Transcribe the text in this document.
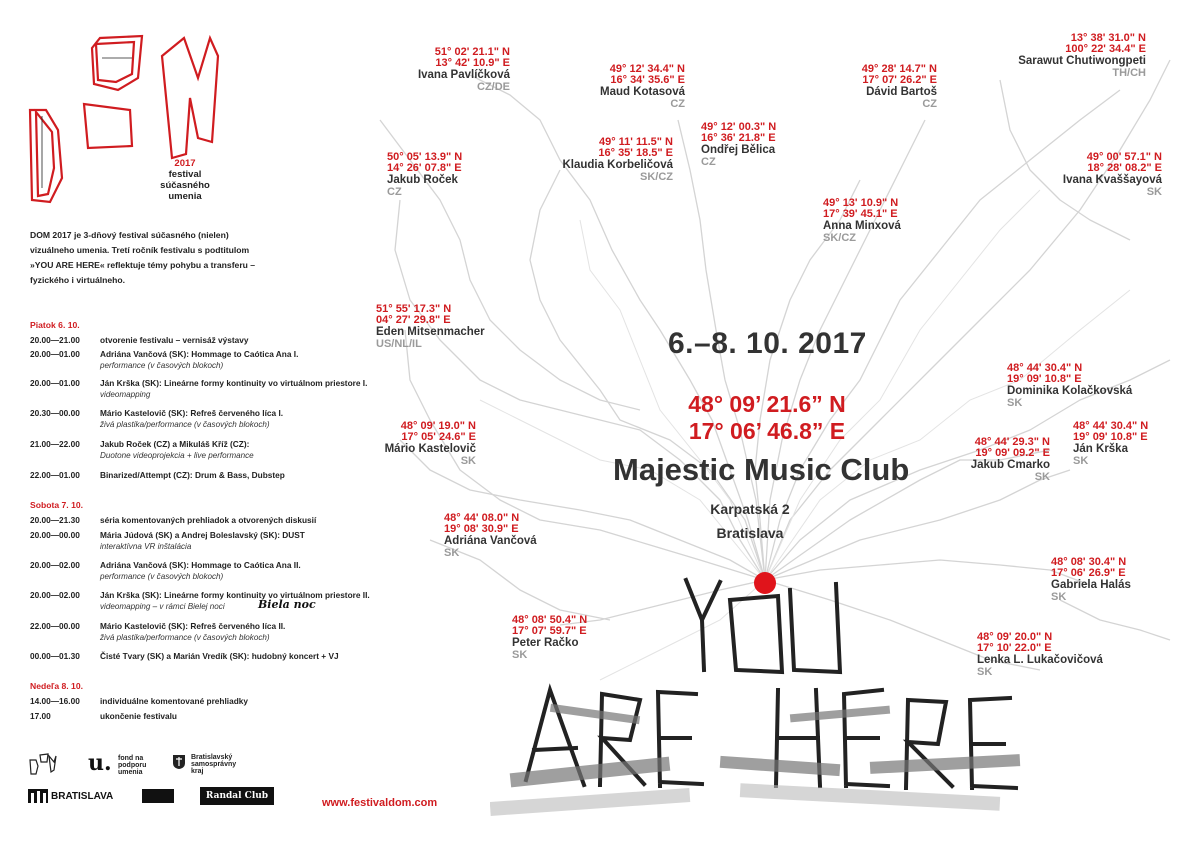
2017
festival
súčasného
umenia
DOM 2017 je 3-dňový festival súčasného (nielen)
vizuálneho umenia. Tretí ročník festivalu s podtitulom
»YOU ARE HERE« reflektuje témy pohybu a transferu –
fyzického i virtuálneho.
Piatok 6. 10.
20.00—21.00	otvorenie festivalu – vernisáž výstavy
20.00—01.00	Adriána Vančová (SK): Hommage to Caótica Ana I.
performance (v časových blokoch)
20.00—01.00	Ján Krška (SK): Lineárne formy kontinuity vo virtuálnom priestore I.
videomapping
20.30—00.00	Mário Kastelovič (SK): Refreš červeného líca I.
živá plastika/performance (v časových blokoch)
21.00—22.00	Jakub Roček (CZ) a Mikuláš Kříž (CZ):
Duotone videoprojekcia + live performance
22.00—01.00	Binarized/Attempt (CZ): Drum & Bass, Dubstep
Sobota 7. 10.
20.00—21.30	séria komentovaných prehliadok a otvorených diskusií
20.00—00.00	Mária Júdová (SK) a Andrej Boleslavský (SK): DUST
interaktívna VR inštalácia
20.00—02.00	Adriána Vančová (SK): Hommage to Caótica Ana II.
performance (v časových blokoch)
20.00—02.00	Ján Krška (SK): Lineárne formy kontinuity vo virtuálnom priestore II.
videomapping – v rámci Bielej noci	Biela noc
22.00—00.00	Mário Kastelovič (SK): Refreš červeného líca II.
živá plastika/performance (v časových blokoch)
00.00—01.30	Čisté Tvary (SK) a Marián Vredík (SK): hudobný koncert + VJ
Nedeľa 8. 10.
14.00—16.00	individuálne komentované prehliadky
17.00	ukončenie festivalu
u. fond na podporu umenia
Bratislavský samosprávny kraj
BRATISLAVA	Randal Club
www.festivaldom.com
51° 02' 21.1" N
13° 42' 10.9" E
Ivana Pavlíčková
CZ/DE
49° 12' 34.4" N
16° 34' 35.6" E
Maud Kotasová
CZ
49° 28' 14.7" N
17° 07' 26.2" E
Dávid Bartoš
CZ
13° 38' 31.0" N
100° 22' 34.4" E
Sarawut Chutiwongpeti
TH/CH
49° 11' 11.5" N
16° 35' 18.5" E
Klaudia Korbeličová
SK/CZ
49° 12' 00.3" N
16° 36' 21.8" E
Ondřej Bělica
CZ
50° 05' 13.9" N
14° 26' 07.8" E
Jakub Roček
CZ
49° 00' 57.1" N
18° 28' 08.2" E
Ivana Kvaššayová
SK
49° 13' 10.9" N
17° 39' 45.1" E
Anna Minxová
SK/CZ
51° 55' 17.3" N
04° 27' 29.8" E
Eden Mitsenmacher
US/NL/IL
48° 44' 30.4" N
19° 09' 10.8" E
Dominika Kolačkovská
SK
48° 09' 19.0" N
17° 05' 24.6" E
Mário Kastelovič
SK
48° 44' 29.3" N
19° 09' 09.2" E
Jakub Cmarko
SK
48° 44' 30.4" N
19° 09' 10.8" E
Ján Krška
SK
48° 44' 08.0" N
19° 08' 30.9" E
Adriána Vančová
SK
48° 08' 30.4" N
17° 06' 26.9" E
Gabriela Halás
SK
48° 08' 50.4" N
17° 07' 59.7" E
Peter Račko
SK
48° 09' 20.0" N
17° 10' 22.0" E
Lenka L. Lukačovičová
SK
6.–8. 10. 2017
48° 09’ 21.6” N
17° 06’ 46.8” E
Majestic Music Club
Karpatská 2
Bratislava
